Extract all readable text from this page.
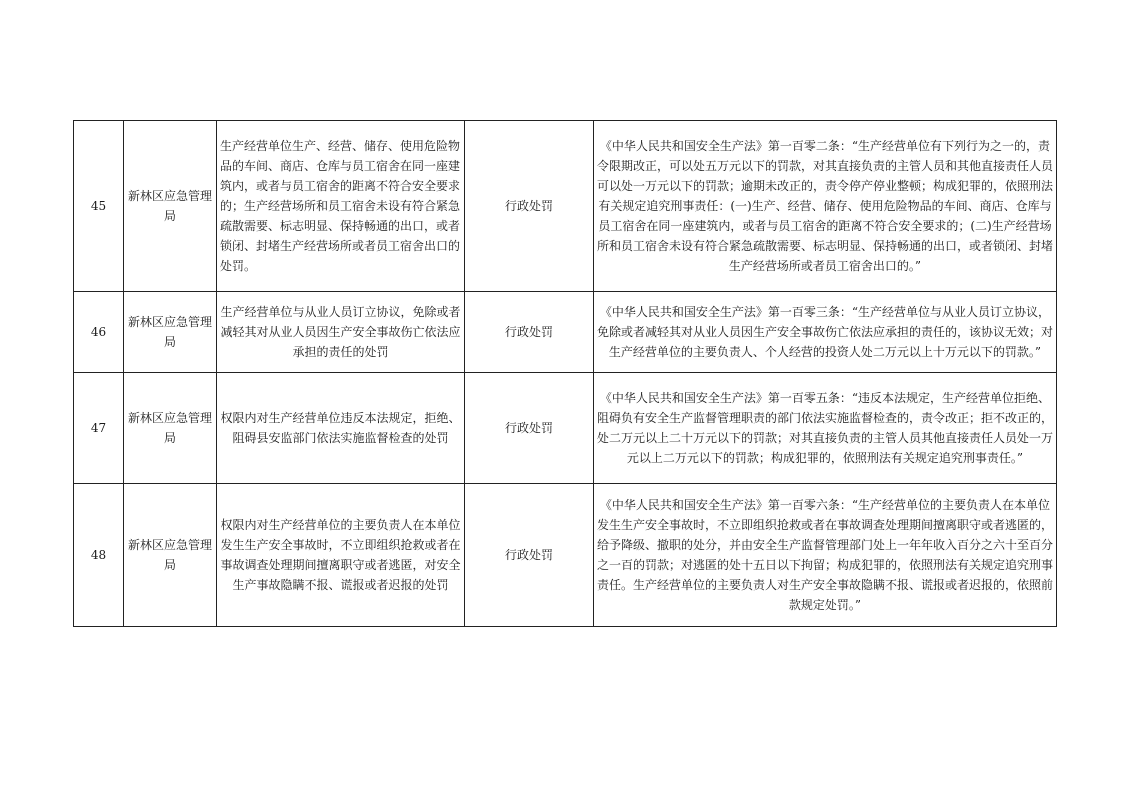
45	新林区应急管理局	生产经营单位生产、经营、储存、使用危险物品的车间、商店、仓库与员工宿舍在同一座建筑内，或者与员工宿舍的距离不符合安全要求的；生产经营场所和员工宿舍未设有符合紧急疏散需要、标志明显、保持畅通的出口，或者锁闭、封堵生产经营场所或者员工宿舍出口的处罚。	行政处罚	《中华人民共和国安全生产法》第一百零二条：“生产经营单位有下列行为之一的，责令限期改正，可以处五万元以下的罚款，对其直接负责的主管人员和其他直接责任人员可以处一万元以下的罚款；逾期未改正的，责令停产停业整顿；构成犯罪的，依照刑法有关规定追究刑事责任：(一)生产、经营、储存、使用危险物品的车间、商店、仓库与员工宿舍在同一座建筑内，或者与员工宿舍的距离不符合安全要求的；(二)生产经营场所和员工宿舍未设有符合紧急疏散需要、标志明显、保持畅通的出口，或者锁闭、封堵生产经营场所或者员工宿舍出口的。”
46	新林区应急管理局	生产经营单位与从业人员订立协议，免除或者减轻其对从业人员因生产安全事故伤亡依法应承担的责任的处罚	行政处罚	《中华人民共和国安全生产法》第一百零三条：“生产经营单位与从业人员订立协议，免除或者减轻其对从业人员因生产安全事故伤亡依法应承担的责任的，该协议无效；对生产经营单位的主要负责人、个人经营的投资人处二万元以上十万元以下的罚款。”
47	新林区应急管理局	权限内对生产经营单位违反本法规定，拒绝、阻碍县安监部门依法实施监督检查的处罚	行政处罚	《中华人民共和国安全生产法》第一百零五条：“违反本法规定，生产经营单位拒绝、阻碍负有安全生产监督管理职责的部门依法实施监督检查的，责令改正；拒不改正的，处二万元以上二十万元以下的罚款；对其直接负责的主管人员其他直接责任人员处一万元以上二万元以下的罚款；构成犯罪的，依照刑法有关规定追究刑事责任。”
48	新林区应急管理局	权限内对生产经营单位的主要负责人在本单位发生生产安全事故时，不立即组织抢救或者在事故调查处理期间擅离职守或者逃匿，对安全生产事故隐瞒不报、谎报或者迟报的处罚	行政处罚	《中华人民共和国安全生产法》第一百零六条：“生产经营单位的主要负责人在本单位发生生产安全事故时，不立即组织抢救或者在事故调查处理期间擅离职守或者逃匿的，给予降级、撤职的处分，并由安全生产监督管理部门处上一年年收入百分之六十至百分之一百的罚款；对逃匿的处十五日以下拘留；构成犯罪的，依照刑法有关规定追究刑事责任。生产经营单位的主要负责人对生产安全事故隐瞒不报、谎报或者迟报的，依照前款规定处罚。”
